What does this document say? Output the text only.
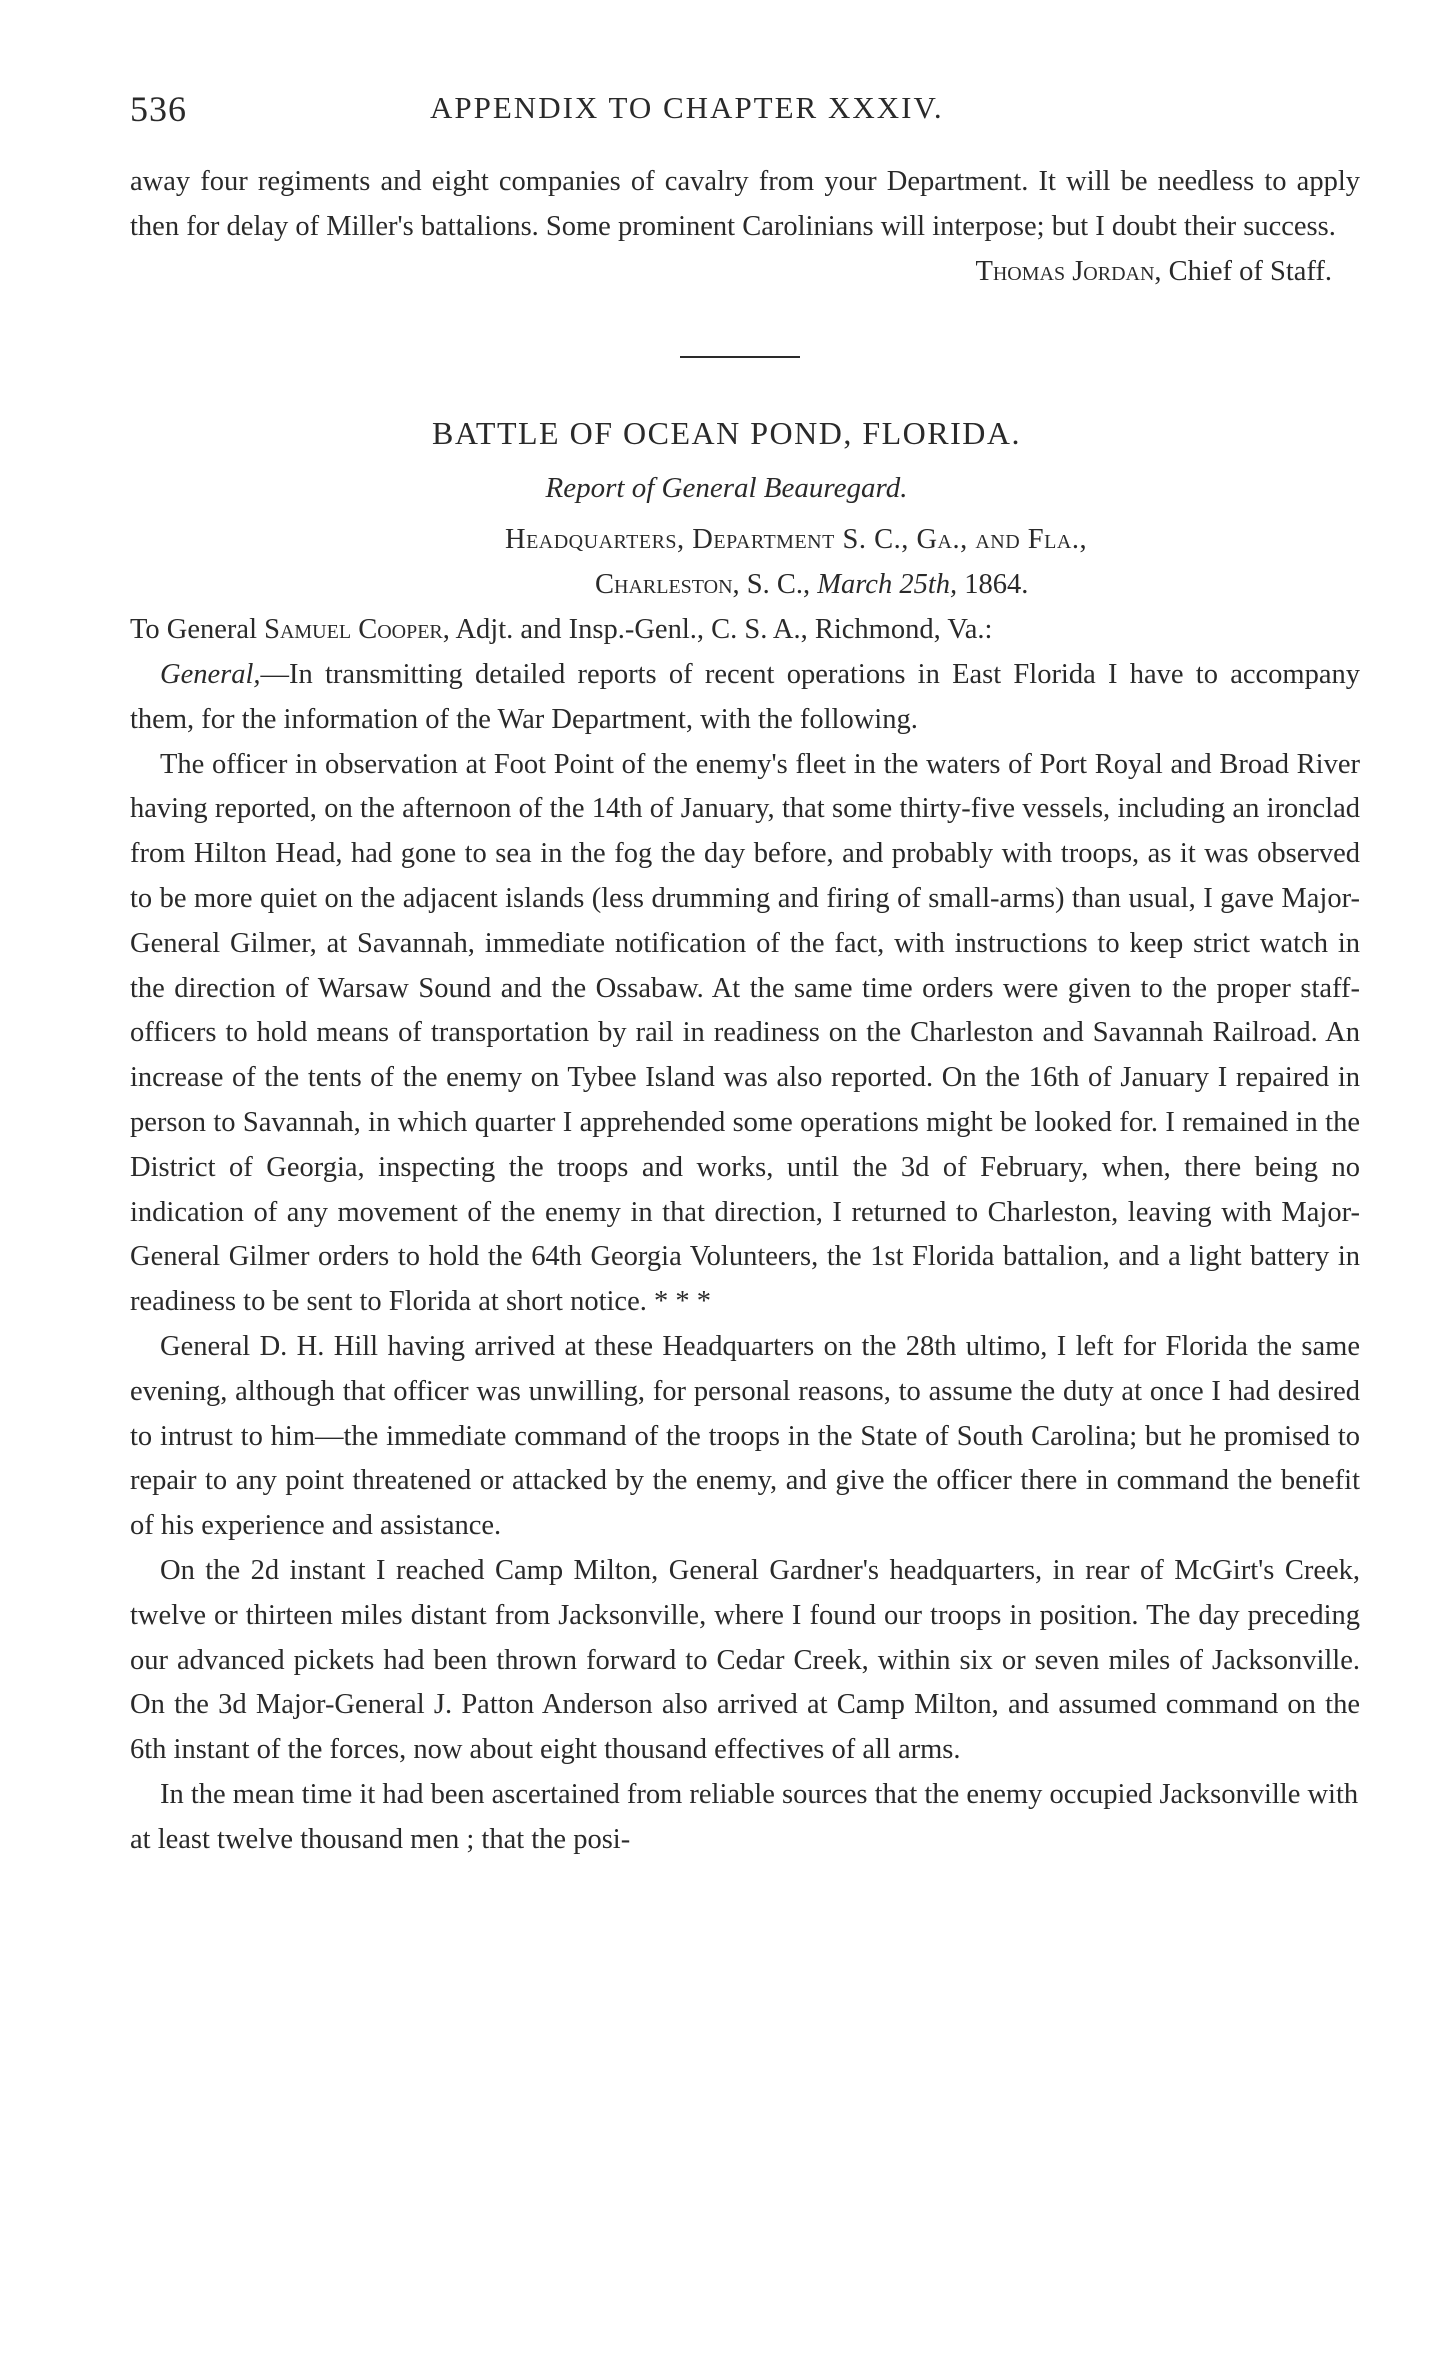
536	APPENDIX TO CHAPTER XXXIV.

away four regiments and eight companies of cavalry from your Department. It will be needless to apply then for delay of Miller's battalions. Some prominent Carolinians will interpose; but I doubt their success.

Thomas Jordan, Chief of Staff.
BATTLE OF OCEAN POND, FLORIDA.
Report of General Beauregard.
Headquarters, Department S. C., Ga., and Fla.,
Charleston, S. C., March 25th, 1864.
To General Samuel Cooper, Adjt. and Insp.-Genl., C. S. A., Richmond, Va.:

General,—In transmitting detailed reports of recent operations in East Florida I have to accompany them, for the information of the War Department, with the following.

The officer in observation at Foot Point of the enemy's fleet in the waters of Port Royal and Broad River having reported, on the afternoon of the 14th of January, that some thirty-five vessels, including an ironclad from Hilton Head, had gone to sea in the fog the day before, and probably with troops, as it was observed to be more quiet on the adjacent islands (less drumming and firing of small-arms) than usual, I gave Major-General Gilmer, at Savannah, immediate notification of the fact, with instructions to keep strict watch in the direction of Warsaw Sound and the Ossabaw. At the same time orders were given to the proper staff-officers to hold means of transportation by rail in readiness on the Charleston and Savannah Railroad. An increase of the tents of the enemy on Tybee Island was also reported. On the 16th of January I repaired in person to Savannah, in which quarter I apprehended some operations might be looked for. I remained in the District of Georgia, inspecting the troops and works, until the 3d of February, when, there being no indication of any movement of the enemy in that direction, I returned to Charleston, leaving with Major-General Gilmer orders to hold the 64th Georgia Volunteers, the 1st Florida battalion, and a light battery in readiness to be sent to Florida at short notice. * * *

General D. H. Hill having arrived at these Headquarters on the 28th ultimo, I left for Florida the same evening, although that officer was unwilling, for personal reasons, to assume the duty at once I had desired to intrust to him—the immediate command of the troops in the State of South Carolina; but he promised to repair to any point threatened or attacked by the enemy, and give the officer there in command the benefit of his experience and assistance.

On the 2d instant I reached Camp Milton, General Gardner's headquarters, in rear of McGirt's Creek, twelve or thirteen miles distant from Jacksonville, where I found our troops in position. The day preceding our advanced pickets had been thrown forward to Cedar Creek, within six or seven miles of Jacksonville. On the 3d Major-General J. Patton Anderson also arrived at Camp Milton, and assumed command on the 6th instant of the forces, now about eight thousand effectives of all arms.

In the mean time it had been ascertained from reliable sources that the enemy occupied Jacksonville with at least twelve thousand men ; that the posi-
